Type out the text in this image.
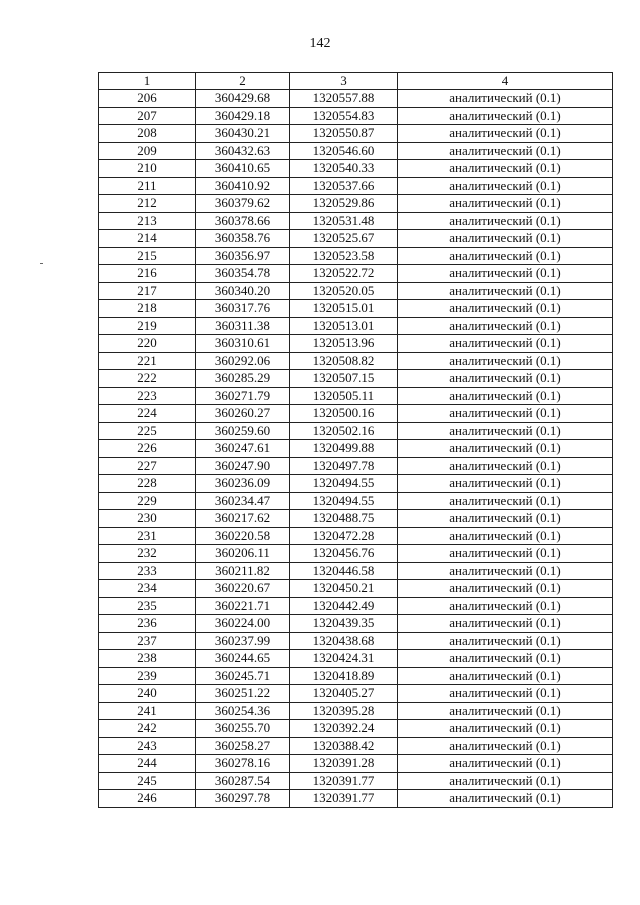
142
1	2	3	4
206	360429.68	1320557.88	аналитический (0.1)
207	360429.18	1320554.83	аналитический (0.1)
208	360430.21	1320550.87	аналитический (0.1)
209	360432.63	1320546.60	аналитический (0.1)
210	360410.65	1320540.33	аналитический (0.1)
211	360410.92	1320537.66	аналитический (0.1)
212	360379.62	1320529.86	аналитический (0.1)
213	360378.66	1320531.48	аналитический (0.1)
214	360358.76	1320525.67	аналитический (0.1)
215	360356.97	1320523.58	аналитический (0.1)
216	360354.78	1320522.72	аналитический (0.1)
217	360340.20	1320520.05	аналитический (0.1)
218	360317.76	1320515.01	аналитический (0.1)
219	360311.38	1320513.01	аналитический (0.1)
220	360310.61	1320513.96	аналитический (0.1)
221	360292.06	1320508.82	аналитический (0.1)
222	360285.29	1320507.15	аналитический (0.1)
223	360271.79	1320505.11	аналитический (0.1)
224	360260.27	1320500.16	аналитический (0.1)
225	360259.60	1320502.16	аналитический (0.1)
226	360247.61	1320499.88	аналитический (0.1)
227	360247.90	1320497.78	аналитический (0.1)
228	360236.09	1320494.55	аналитический (0.1)
229	360234.47	1320494.55	аналитический (0.1)
230	360217.62	1320488.75	аналитический (0.1)
231	360220.58	1320472.28	аналитический (0.1)
232	360206.11	1320456.76	аналитический (0.1)
233	360211.82	1320446.58	аналитический (0.1)
234	360220.67	1320450.21	аналитический (0.1)
235	360221.71	1320442.49	аналитический (0.1)
236	360224.00	1320439.35	аналитический (0.1)
237	360237.99	1320438.68	аналитический (0.1)
238	360244.65	1320424.31	аналитический (0.1)
239	360245.71	1320418.89	аналитический (0.1)
240	360251.22	1320405.27	аналитический (0.1)
241	360254.36	1320395.28	аналитический (0.1)
242	360255.70	1320392.24	аналитический (0.1)
243	360258.27	1320388.42	аналитический (0.1)
244	360278.16	1320391.28	аналитический (0.1)
245	360287.54	1320391.77	аналитический (0.1)
246	360297.78	1320391.77	аналитический (0.1)
